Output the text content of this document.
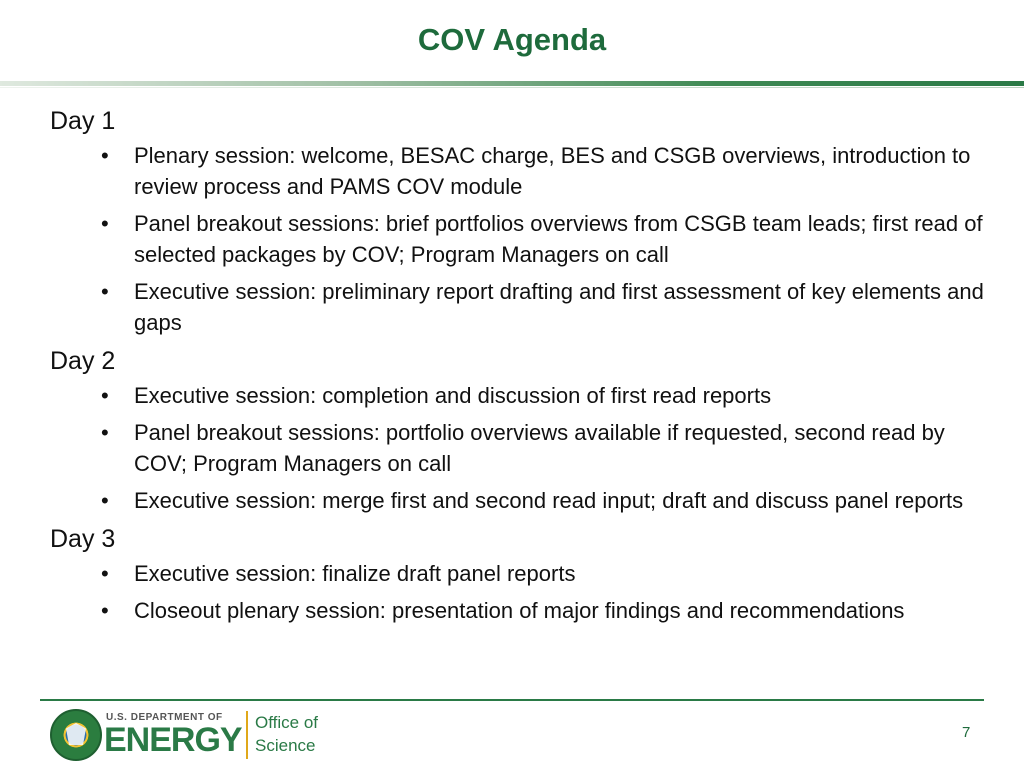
COV Agenda

Day 1

• Plenary session: welcome, BESAC charge, BES and CSGB overviews, introduction to review process and PAMS COV module
• Panel breakout sessions: brief portfolios overviews from CSGB team leads; first read of selected packages by COV; Program Managers on call
• Executive session: preliminary report drafting and first assessment of key elements and gaps

Day 2

• Executive session: completion and discussion of first read reports
• Panel breakout sessions: portfolio overviews available if requested, second read by COV; Program Managers on call
• Executive session: merge first and second read input; draft and discuss panel reports

Day 3

• Executive session: finalize draft panel reports
• Closeout plenary session: presentation of major findings and recommendations
U.S. DEPARTMENT OF
ENERGY Office of
Science
7
